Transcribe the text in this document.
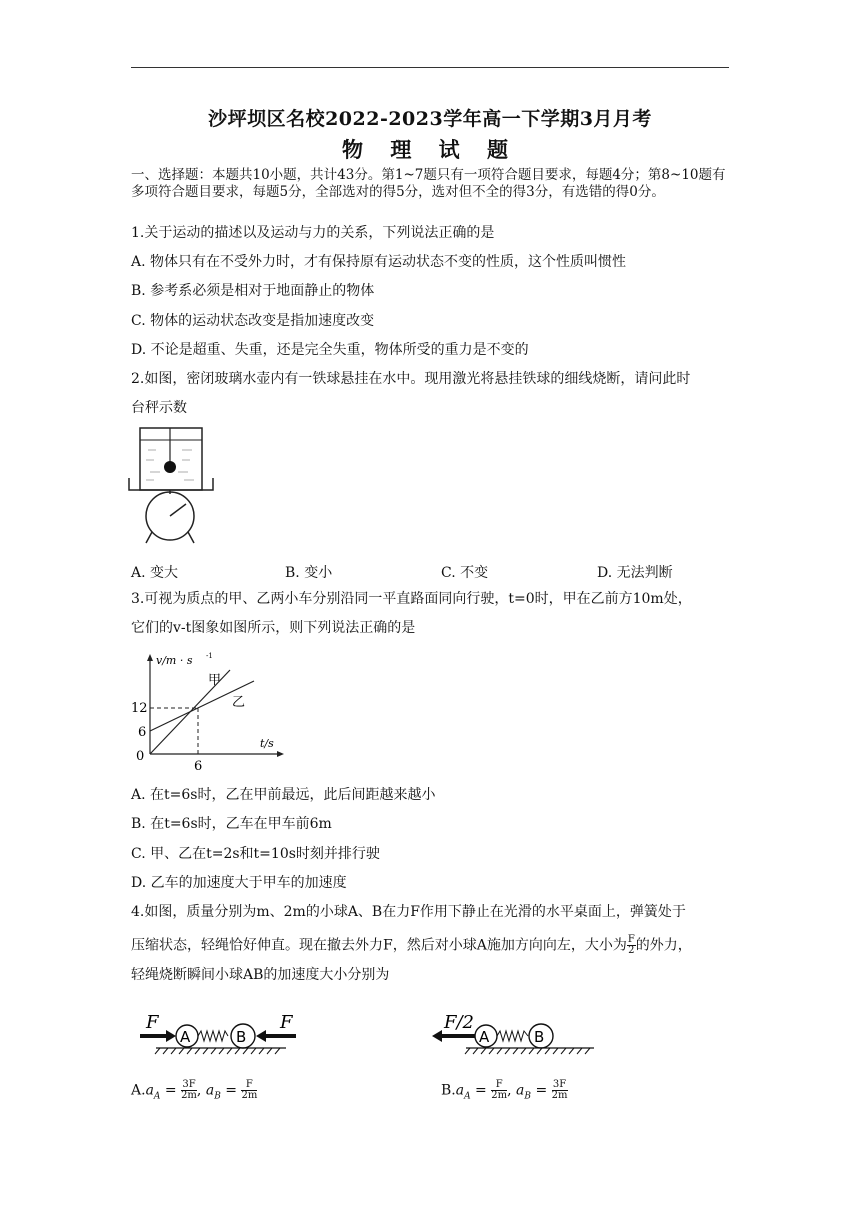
沙坪坝区名校2022-2023学年高一下学期3月月考
物 理 试 题
一、选择题：本题共10小题，共计43分。第1~7题只有一项符合题目要求，每题4分；第8~10题有多项符合题目要求，每题5分，全部选对的得5分，选对但不全的得3分，有选错的得0分。
1.关于运动的描述以及运动与力的关系，下列说法正确的是
A. 物体只有在不受外力时，才有保持原有运动状态不变的性质，这个性质叫惯性
B. 参考系必须是相对于地面静止的物体
C. 物体的运动状态改变是指加速度改变
D. 不论是超重、失重，还是完全失重，物体所受的重力是不变的
2.如图，密闭玻璃水壶内有一铁球悬挂在水中。现用激光将悬挂铁球的细线烧断，请问此时
台秤示数
A. 变大	B. 变小	C. 不变	D. 无法判断
3.可视为质点的甲、乙两小车分别沿同一平直路面同向行驶，t=0时，甲在乙前方10m处，
它们的v-t图象如图所示，则下列说法正确的是
v/m · s -1
t/s
0
12
6
6
甲
乙
A. 在t=6s时，乙在甲前最远，此后间距越来越小
B. 在t=6s时，乙车在甲车前6m
C. 甲、乙在t=2s和t=10s时刻并排行驶
D. 乙车的加速度大于甲车的加速度
4.如图，质量分别为m、2m的小球A、B在力F作用下静止在光滑的水平桌面上，弹簧处于
压缩状态，轻绳恰好伸直。现在撤去外力F，然后对小球A施加方向向左，大小为 $\frac{F}{2}$ 的外力，
轻绳烧断瞬间小球AB的加速度大小分别为
F
A	B
F	F/2
A	B
$A.a_A = \frac{3F}{2m}$ , $a_B = \frac{F}{2m}$	$B.a_A = \frac{F}{2m}$ , $a_B = \frac{3F}{2m}$
